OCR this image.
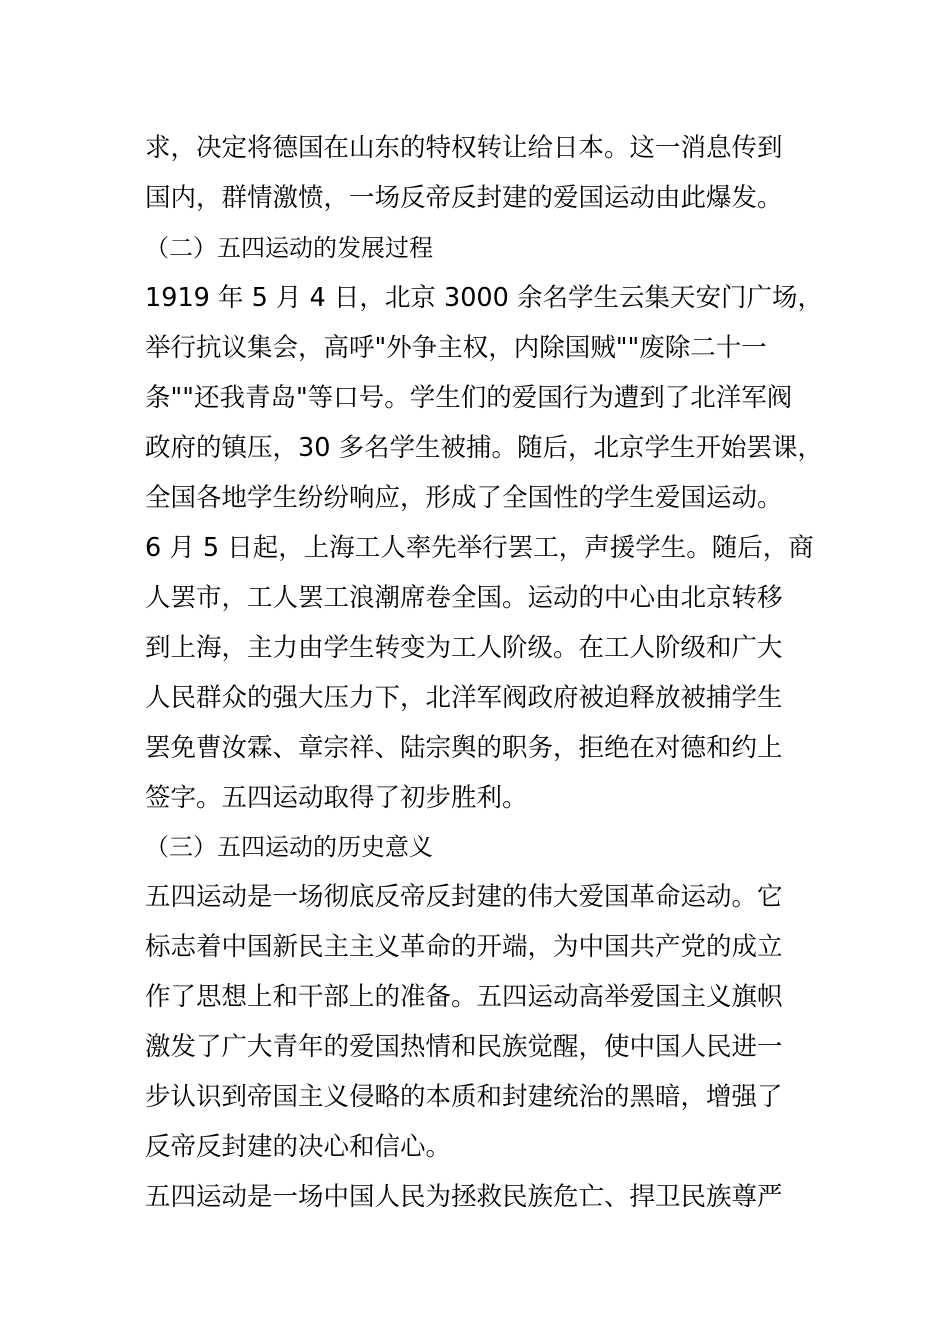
求，决定将德国在山东的特权转让给日本。这一消息传到
国内，群情激愤，一场反帝反封建的爱国运动由此爆发。
（二）五四运动的发展过程
1919 年 5 月 4 日，北京 3000 余名学生云集天安门广场，
举行抗议集会，高呼"外争主权，内除国贼""废除二十一
条""还我青岛"等口号。学生们的爱国行为遭到了北洋军阀
政府的镇压，30 多名学生被捕。随后，北京学生开始罢课，
全国各地学生纷纷响应，形成了全国性的学生爱国运动。
6 月 5 日起，上海工人率先举行罢工，声援学生。随后，商
人罢市，工人罢工浪潮席卷全国。运动的中心由北京转移
到上海，主力由学生转变为工人阶级。在工人阶级和广大
人民群众的强大压力下，北洋军阀政府被迫释放被捕学生
罢免曹汝霖、章宗祥、陆宗舆的职务，拒绝在对德和约上
签字。五四运动取得了初步胜利。
（三）五四运动的历史意义
五四运动是一场彻底反帝反封建的伟大爱国革命运动。它
标志着中国新民主主义革命的开端，为中国共产党的成立
作了思想上和干部上的准备。五四运动高举爱国主义旗帜
激发了广大青年的爱国热情和民族觉醒，使中国人民进一
步认识到帝国主义侵略的本质和封建统治的黑暗，增强了
反帝反封建的决心和信心。
五四运动是一场中国人民为拯救民族危亡、捍卫民族尊严
